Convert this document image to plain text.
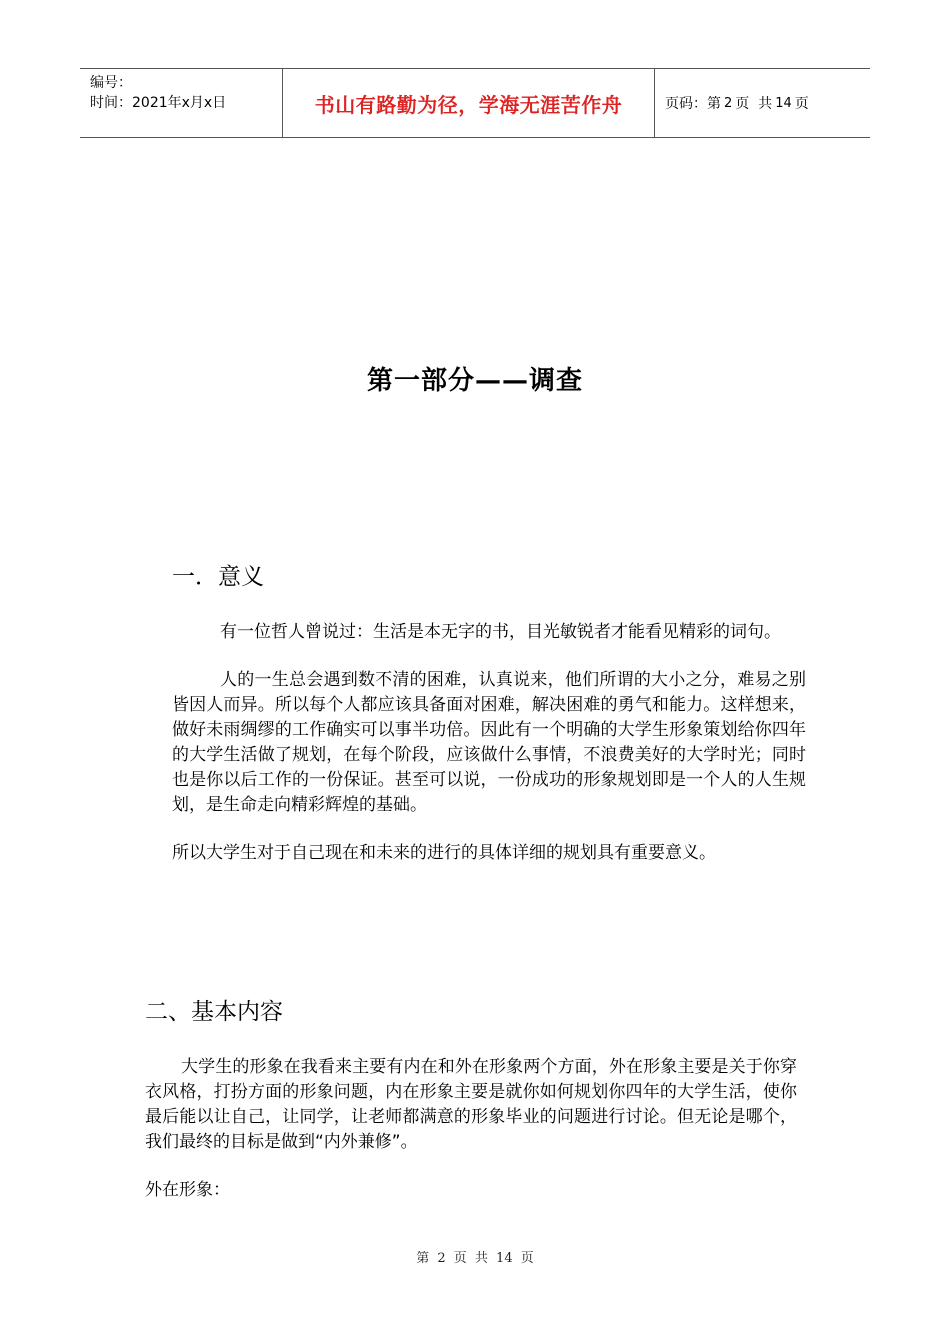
编号：
时间：2021年x月x日	书山有路勤为径，学海无涯苦作舟	页码：第 2 页  共 14 页
第一部分——调查
一．意义

有一位哲人曾说过：生活是本无字的书，目光敏锐者才能看见精彩的词句。

人的一生总会遇到数不清的困难，认真说来，他们所谓的大小之分，难易之别皆因人而异。所以每个人都应该具备面对困难，解决困难的勇气和能力。这样想来，做好未雨绸缪的工作确实可以事半功倍。因此有一个明确的大学生形象策划给你四年的大学生活做了规划，在每个阶段，应该做什么事情，不浪费美好的大学时光；同时也是你以后工作的一份保证。甚至可以说，一份成功的形象规划即是一个人的人生规划，是生命走向精彩辉煌的基础。

所以大学生对于自己现在和未来的进行的具体详细的规划具有重要意义。

二、基本内容

大学生的形象在我看来主要有内在和外在形象两个方面，外在形象主要是关于你穿衣风格，打扮方面的形象问题，内在形象主要是就你如何规划你四年的大学生活，使你最后能以让自己，让同学，让老师都满意的形象毕业的问题进行讨论。但无论是哪个，我们最终的目标是做到“内外兼修”。

外在形象：

第 2 页 共 14 页
